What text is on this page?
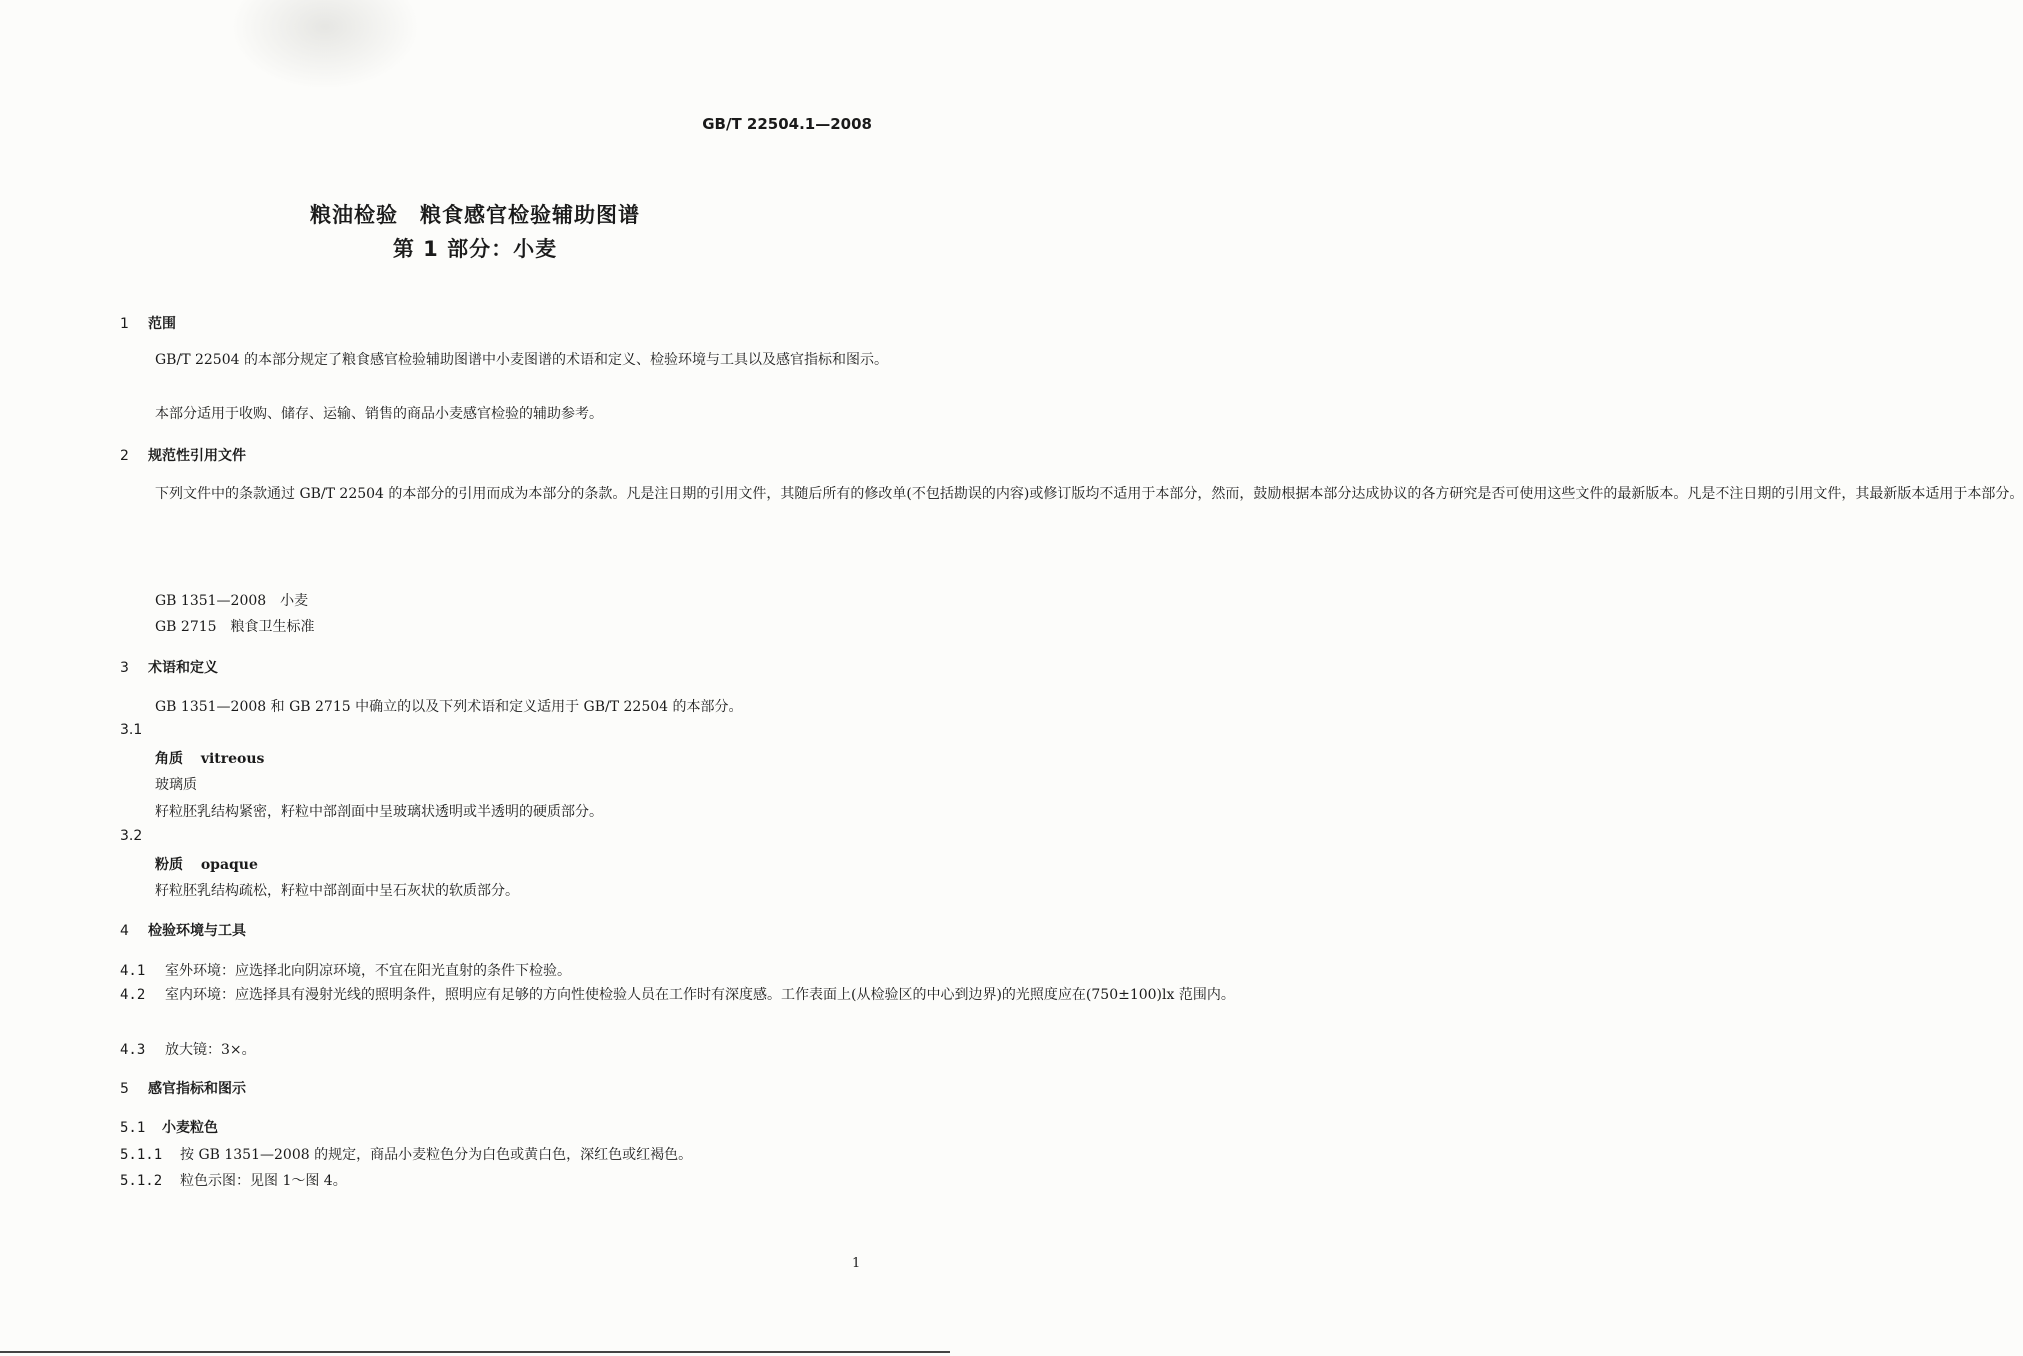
GB/T 22504.1—2008
粮油检验　粮食感官检验辅助图谱
第 1 部分：小麦
1 范围
GB/T 22504 的本部分规定了粮食感官检验辅助图谱中小麦图谱的术语和定义、检验环境与工具以及感官指标和图示。
本部分适用于收购、储存、运输、销售的商品小麦感官检验的辅助参考。
2 规范性引用文件
下列文件中的条款通过 GB/T 22504 的本部分的引用而成为本部分的条款。凡是注日期的引用文件，其随后所有的修改单(不包括勘误的内容)或修订版均不适用于本部分，然而，鼓励根据本部分达成协议的各方研究是否可使用这些文件的最新版本。凡是不注日期的引用文件，其最新版本适用于本部分。
GB 1351—2008　小麦
GB 2715　粮食卫生标准
3 术语和定义
GB 1351—2008 和 GB 2715 中确立的以及下列术语和定义适用于 GB/T 22504 的本部分。
3.1
角质 vitreous
玻璃质
籽粒胚乳结构紧密，籽粒中部剖面中呈玻璃状透明或半透明的硬质部分。
3.2
粉质 opaque
籽粒胚乳结构疏松，籽粒中部剖面中呈石灰状的软质部分。
4 检验环境与工具
4.1 室外环境：应选择北向阴凉环境，不宜在阳光直射的条件下检验。
4.2 室内环境：应选择具有漫射光线的照明条件，照明应有足够的方向性使检验人员在工作时有深度感。工作表面上(从检验区的中心到边界)的光照度应在(750±100)lx 范围内。
4.3 放大镜：3×。
5 感官指标和图示
5.1 小麦粒色
5.1.1 按 GB 1351—2008 的规定，商品小麦粒色分为白色或黄白色，深红色或红褐色。
5.1.2 粒色示图：见图 1～图 4。
1
